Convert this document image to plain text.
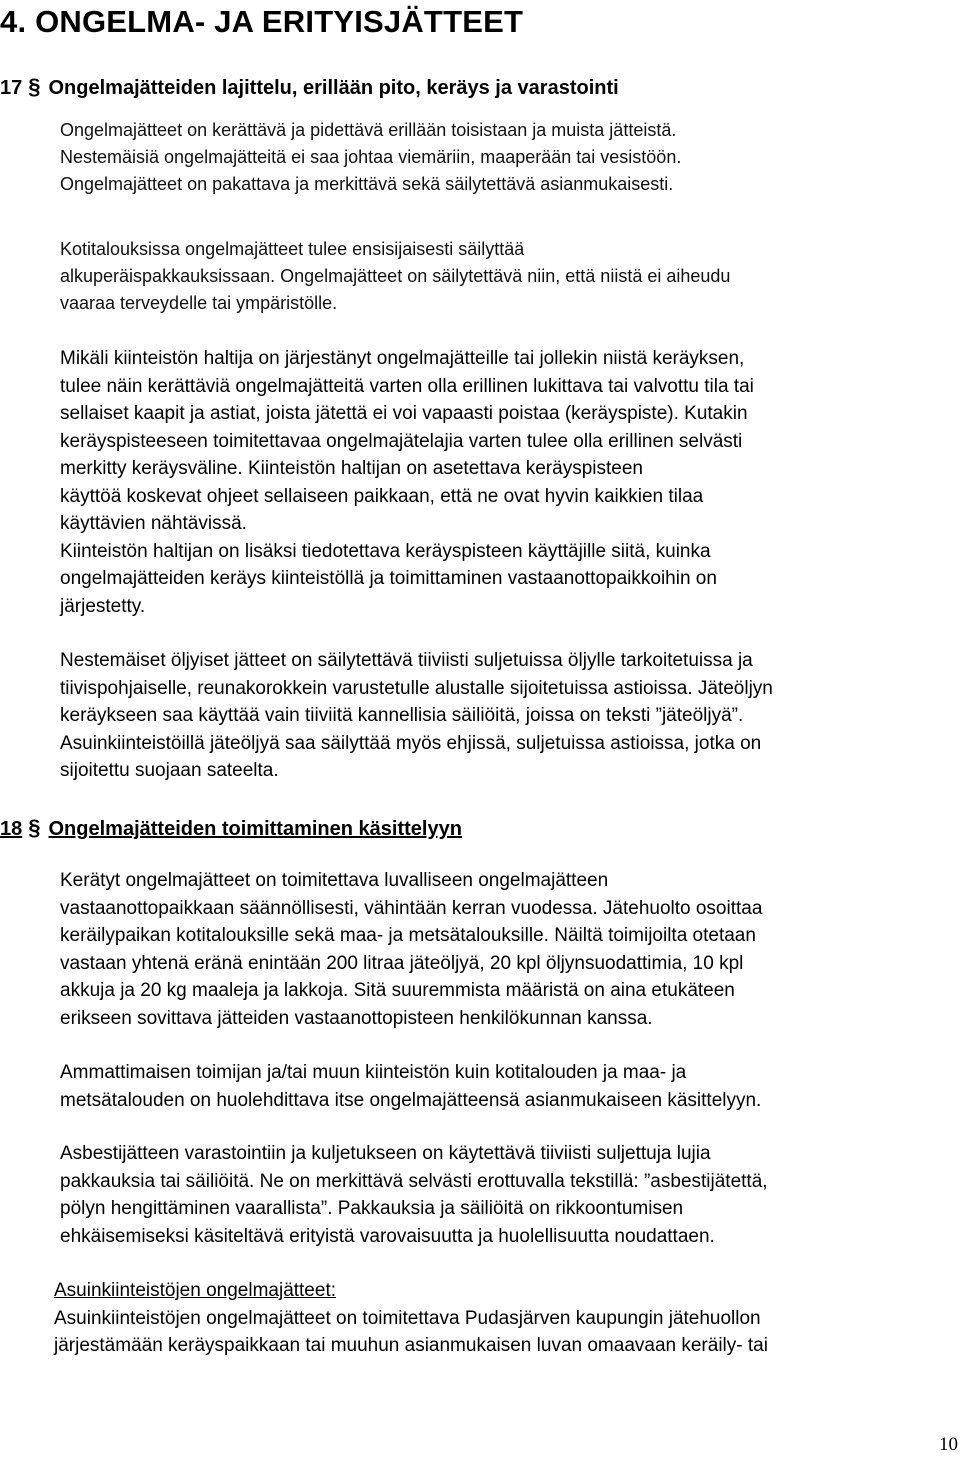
4. ONGELMA- JA ERITYISJÄTTEET
17 § Ongelmajätteiden lajittelu, erillään pito, keräys ja varastointi
Ongelmajätteet on kerättävä ja pidettävä erillään toisistaan ja muista jätteistä.
Nestemäisiä ongelmajätteitä ei saa johtaa viemäriin, maaperään tai vesistöön.
Ongelmajätteet on pakattava ja merkittävä sekä säilytettävä asianmukaisesti.
Kotitalouksissa ongelmajätteet tulee ensisijaisesti säilyttää
alkuperäispakkauksissaan. Ongelmajätteet on säilytettävä niin, että niistä ei aiheudu
vaaraa terveydelle tai ympäristölle.
Mikäli kiinteistön haltija on järjestänyt ongelmajätteille tai jollekin niistä keräyksen,
tulee näin kerättäviä ongelmajätteitä varten olla erillinen lukittava tai valvottu tila tai
sellaiset kaapit ja astiat, joista jätettä ei voi vapaasti poistaa (keräyspiste). Kutakin
keräyspisteeseen toimitettavaa ongelmajätelajia varten tulee olla erillinen selvästi
merkitty keräysväline. Kiinteistön haltijan on asetettava keräyspisteen
käyttöä koskevat ohjeet sellaiseen paikkaan, että ne ovat hyvin kaikkien tilaa
käyttävien nähtävissä.
Kiinteistön haltijan on lisäksi tiedotettava keräyspisteen käyttäjille siitä, kuinka
ongelmajätteiden keräys kiinteistöllä ja toimittaminen vastaanottopaikkoihin on
järjestetty.
Nestemäiset öljyiset jätteet on säilytettävä tiiviisti suljetuissa öljylle tarkoitetuissa ja
tiivispohjaiselle, reunakorokkein varustetulle alustalle sijoitetuissa astioissa. Jäteöljyn
keräykseen saa käyttää vain tiiviitä kannellisia säiliöitä, joissa on teksti ”jäteöljyä”.
Asuinkiinteistöillä jäteöljyä saa säilyttää myös ehjissä, suljetuissa astioissa, jotka on
sijoitettu suojaan sateelta.
18 § Ongelmajätteiden toimittaminen käsittelyyn
Kerätyt ongelmajätteet on toimitettava luvalliseen ongelmajätteen
vastaanottopaikkaan säännöllisesti, vähintään kerran vuodessa. Jätehuolto osoittaa
keräilypaikan kotitalouksille sekä maa- ja metsätalouksille. Näiltä toimijoilta otetaan
vastaan yhtenä eränä enintään 200 litraa jäteöljyä, 20 kpl öljynsuodattimia, 10 kpl
akkuja ja 20 kg maaleja ja lakkoja. Sitä suuremmista määristä on aina etukäteen
erikseen sovittava jätteiden vastaanottopisteen henkilökunnan kanssa.
Ammattimaisen toimijan ja/tai muun kiinteistön kuin kotitalouden ja maa- ja
metsätalouden on huolehdittava itse ongelmajätteensä asianmukaiseen käsittelyyn.
Asbestijätteen varastointiin ja kuljetukseen on käytettävä tiiviisti suljettuja lujia
pakkauksia tai säiliöitä. Ne on merkittävä selvästi erottuvalla tekstillä: ”asbestijätettä,
pölyn hengittäminen vaarallista”. Pakkauksia ja säiliöitä on rikkoontumisen
ehkäisemiseksi käsiteltävä erityistä varovaisuutta ja huolellisuutta noudattaen.
Asuinkiinteistöjen ongelmajätteet:
Asuinkiinteistöjen ongelmajätteet on toimitettava Pudasjärven kaupungin jätehuollon
järjestämään keräyspaikkaan tai muuhun asianmukaisen luvan omaavaan keräily- tai
10
